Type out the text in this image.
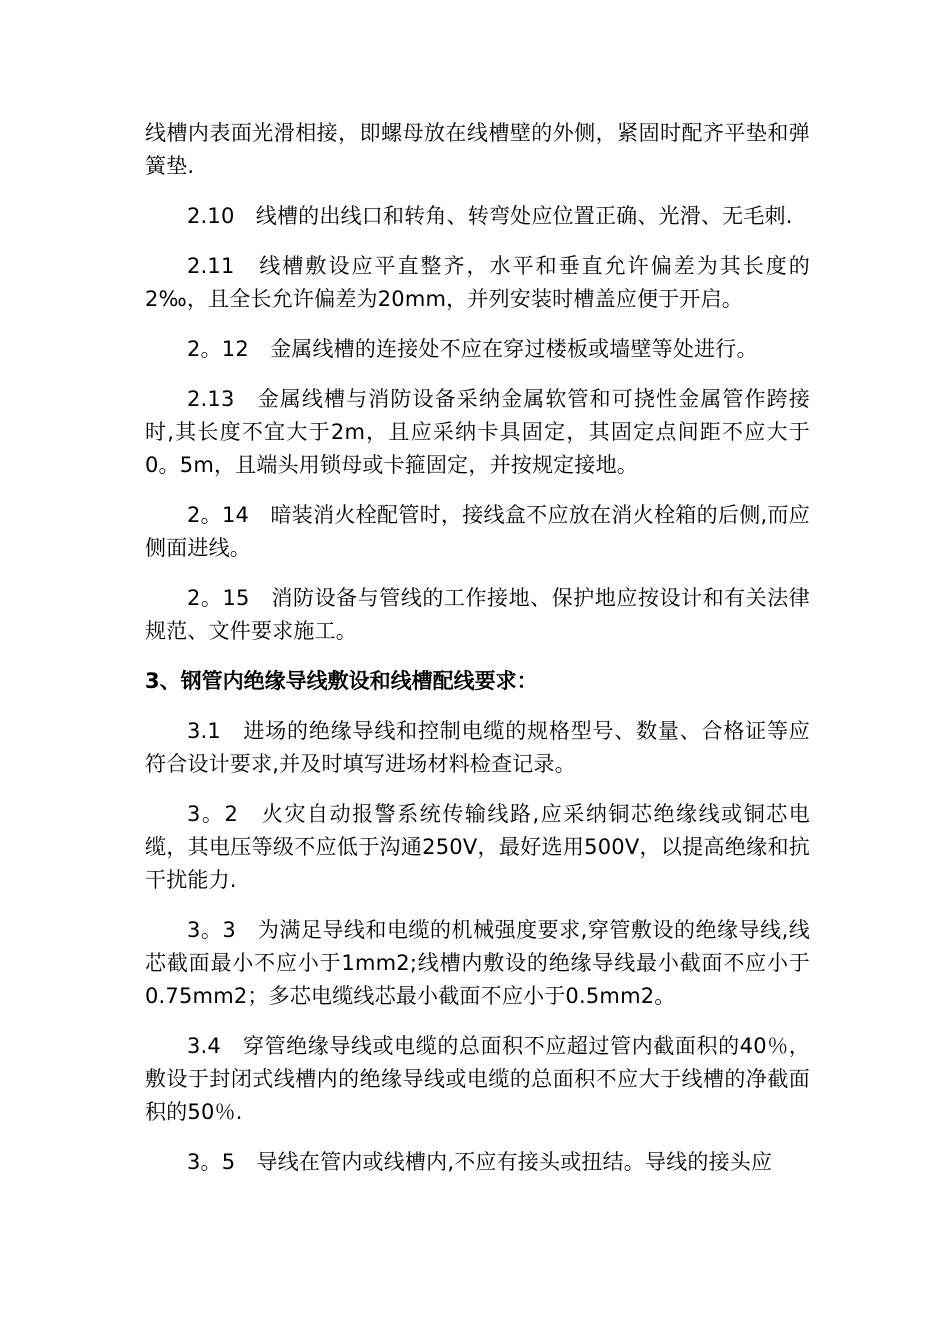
线槽内表面光滑相接，即螺母放在线槽壁的外侧，紧固时配齐平垫和弹簧垫.

2.10　线槽的出线口和转角、转弯处应位置正确、光滑、无毛刺.

2.11　线槽敷设应平直整齐，水平和垂直允许偏差为其长度的2‰，且全长允许偏差为20mm，并列安装时槽盖应便于开启。

2。12　金属线槽的连接处不应在穿过楼板或墙壁等处进行。

2.13　金属线槽与消防设备采纳金属软管和可挠性金属管作跨接时,其长度不宜大于2m，且应采纳卡具固定，其固定点间距不应大于0。5m，且端头用锁母或卡箍固定，并按规定接地。

2。14　暗装消火栓配管时，接线盒不应放在消火栓箱的后侧,而应侧面进线。

2。15　消防设备与管线的工作接地、保护地应按设计和有关法律规范、文件要求施工。

3、钢管内绝缘导线敷设和线槽配线要求：

3.1　进场的绝缘导线和控制电缆的规格型号、数量、合格证等应符合设计要求,并及时填写进场材料检查记录。

3。2　火灾自动报警系统传输线路,应采纳铜芯绝缘线或铜芯电缆，其电压等级不应低于沟通250V，最好选用500V，以提高绝缘和抗干扰能力.

3。3　为满足导线和电缆的机械强度要求,穿管敷设的绝缘导线,线芯截面最小不应小于1mm2;线槽内敷设的绝缘导线最小截面不应小于0.75mm2；多芯电缆线芯最小截面不应小于0.5mm2。

3.4　穿管绝缘导线或电缆的总面积不应超过管内截面积的40％，敷设于封闭式线槽内的绝缘导线或电缆的总面积不应大于线槽的净截面积的50％.

3。5　导线在管内或线槽内,不应有接头或扭结。导线的接头应
